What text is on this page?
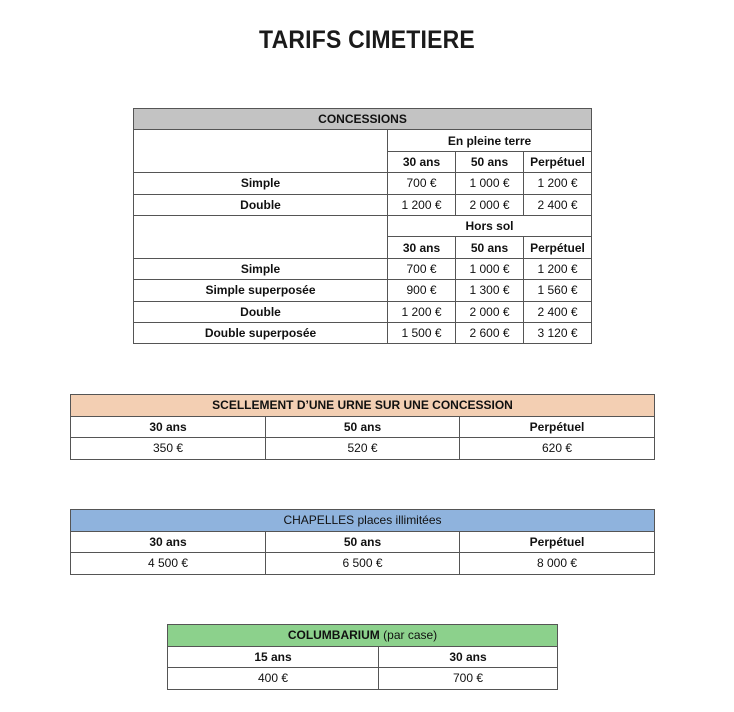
TARIFS CIMETIERE
CONCESSIONS			
	En pleine terre		
	30 ans	50 ans	Perpétuel
Simple	700 €	1 000 €	1 200 €
Double	1 200 €	2 000 €	2 400 €
	Hors sol		
	30 ans	50 ans	Perpétuel
Simple	700 €	1 000 €	1 200 €
Simple superposée	900 €	1 300 €	1 560 €
Double	1 200 €	2 000 €	2 400 €
Double superposée	1 500 €	2 600 €	3 120 €
SCELLEMENT D’UNE URNE SUR UNE CONCESSION		
30 ans	50 ans	Perpétuel
350 €	520 €	620 €
CHAPELLES places illimitées		
30 ans	50 ans	Perpétuel
4 500 €	6 500 €	8 000 €
COLUMBARIUM (par case)	
15 ans	30 ans
400 €	700 €
